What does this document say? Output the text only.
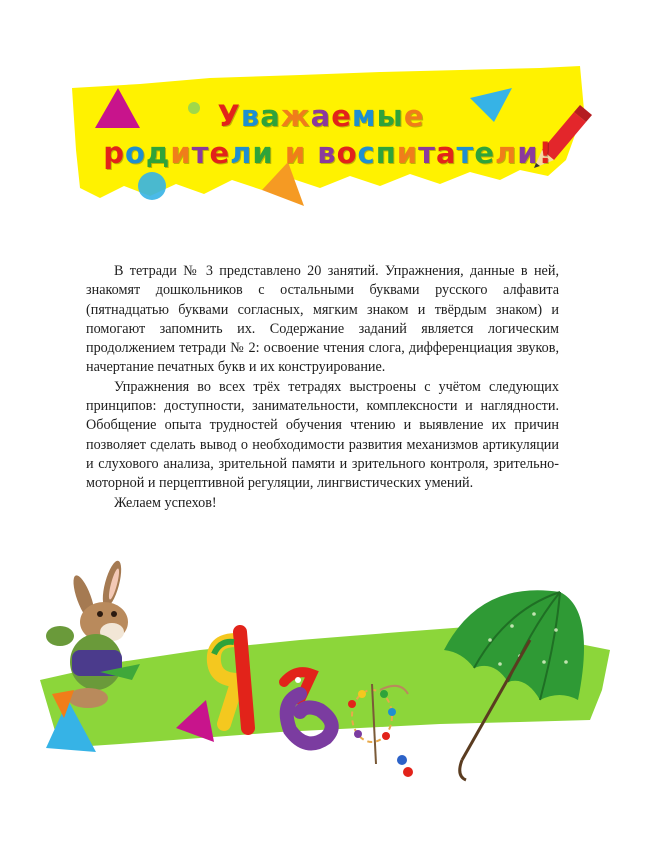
Уважаемые
родители и воспитатели!

В тетради № 3 представлено 20 занятий. Упражнения, данные в ней, знакомят дошкольников с остальными буквами русского алфавита (пятнадцатью буквами согласных, мягким знаком и твёрдым знаком) и помогают запомнить их. Содержание заданий является логическим продолжением тетради № 2: освоение чтения слога, дифференциация звуков, начертание печатных букв и их конструирование.

Упражнения во всех трёх тетрадях выстроены с учётом следующих принципов: доступности, занимательности, комплексности и наглядности. Обобщение опыта трудностей обучения чтению и выявление их причин позволяет сделать вывод о необходимости развития механизмов артикуляции и слухового анализа, зрительной памяти и зрительного контроля, зрительно-моторной и перцептивной регуляции, лингвистических умений.

Желаем успехов!
